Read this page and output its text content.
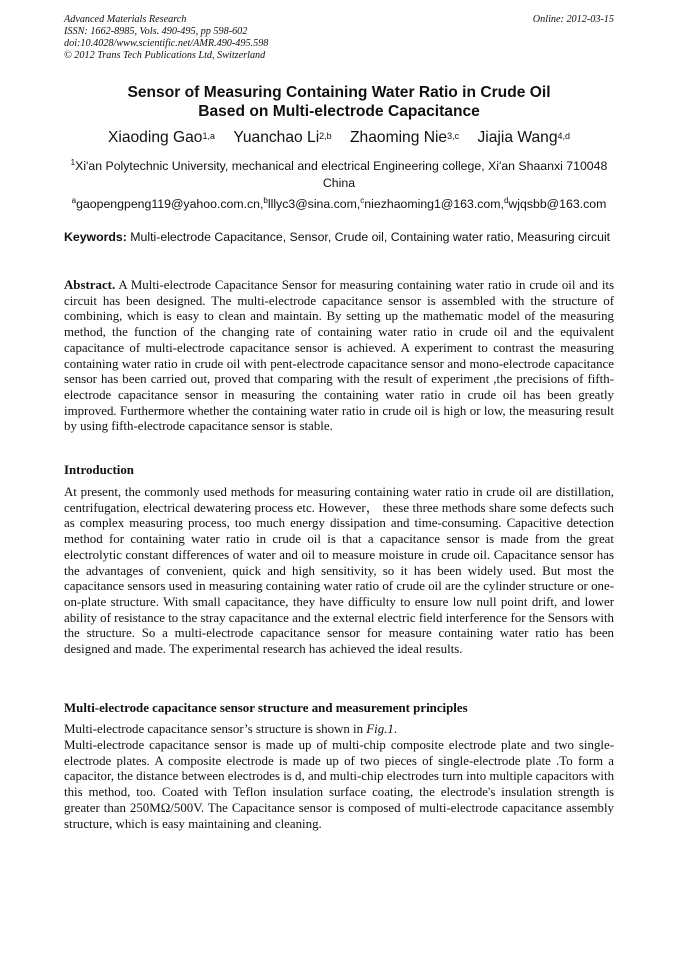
Advanced Materials Research
ISSN: 1662-8985, Vols. 490-495, pp 598-602
doi:10.4028/www.scientific.net/AMR.490-495.598
© 2012 Trans Tech Publications Ltd, Switzerland
Online: 2012-03-15
Sensor of Measuring Containing Water Ratio in Crude Oil
Based on Multi-electrode Capacitance
Xiaoding Gao$^{1,a}$ Yuanchao Li$^{2,b}$ Zhaoming Nie$^{3,c}$ Jiajia Wang$^{4,d}$
$^1$Xi'an Polytechnic University, mechanical and electrical Engineering college, Xi'an Shaanxi 710048 China
$^a$gaopengpeng119@yahoo.com.cn,$^b$lllyc3@sina.com,$^c$niezhaoming1@163.com,$^d$wjqsbb@163.com
Keywords: Multi-electrode Capacitance, Sensor, Crude oil, Containing water ratio, Measuring circuit
Abstract. A Multi-electrode Capacitance Sensor for measuring containing water ratio in crude oil and its circuit has been designed. The multi-electrode capacitance sensor is assembled with the structure of combining, which is easy to clean and maintain. By setting up the mathematic model of the measuring method, the function of the changing rate of containing water ratio in crude oil and the equivalent capacitance of multi-electrode capacitance sensor is achieved. A experiment to contrast the measuring containing water ratio in crude oil with pent-electrode capacitance sensor and mono-electrode capacitance sensor has been carried out, proved that comparing with the result of experiment ,the precisions of fifth-electrode capacitance sensor in measuring the containing water ratio in crude oil has been greatly improved. Furthermore whether the containing water ratio in crude oil is high or low, the measuring result by using fifth-electrode capacitance sensor is stable.
Introduction
At present, the commonly used methods for measuring containing water ratio in crude oil are distillation, centrifugation, electrical dewatering process etc. However， these three methods share some defects such as complex measuring process, too much energy dissipation and time-consuming. Capacitive detection method for containing water ratio in crude oil is that a capacitance sensor is made from the great electrolytic constant differences of water and oil to measure moisture in crude oil. Capacitance sensor has the advantages of convenient, quick and high sensitivity, so it has been widely used. But most the capacitance sensors used in measuring containing water ratio of crude oil are the cylinder structure or one-on-plate structure. With small capacitance, they have difficulty to ensure low null point drift, and lower ability of resistance to the stray capacitance and the external electric field interference for the Sensors with the structure. So a multi-electrode capacitance sensor for measure containing water ratio has been designed and made. The experimental research has achieved the ideal results.
Multi-electrode capacitance sensor structure and measurement principles
Multi-electrode capacitance sensor’s structure is shown in Fig.1.
Multi-electrode capacitance sensor is made up of multi-chip composite electrode plate and two single-electrode plates. A composite electrode is made up of two pieces of single-electrode plate .To form a capacitor, the distance between electrodes is d, and multi-chip electrodes turn into multiple capacitors with this method, too. Coated with Teflon insulation surface coating, the electrode's insulation strength is greater than 250MΩ/500V. The Capacitance sensor is composed of multi-electrode capacitance assembly structure, which is easy maintaining and cleaning.
